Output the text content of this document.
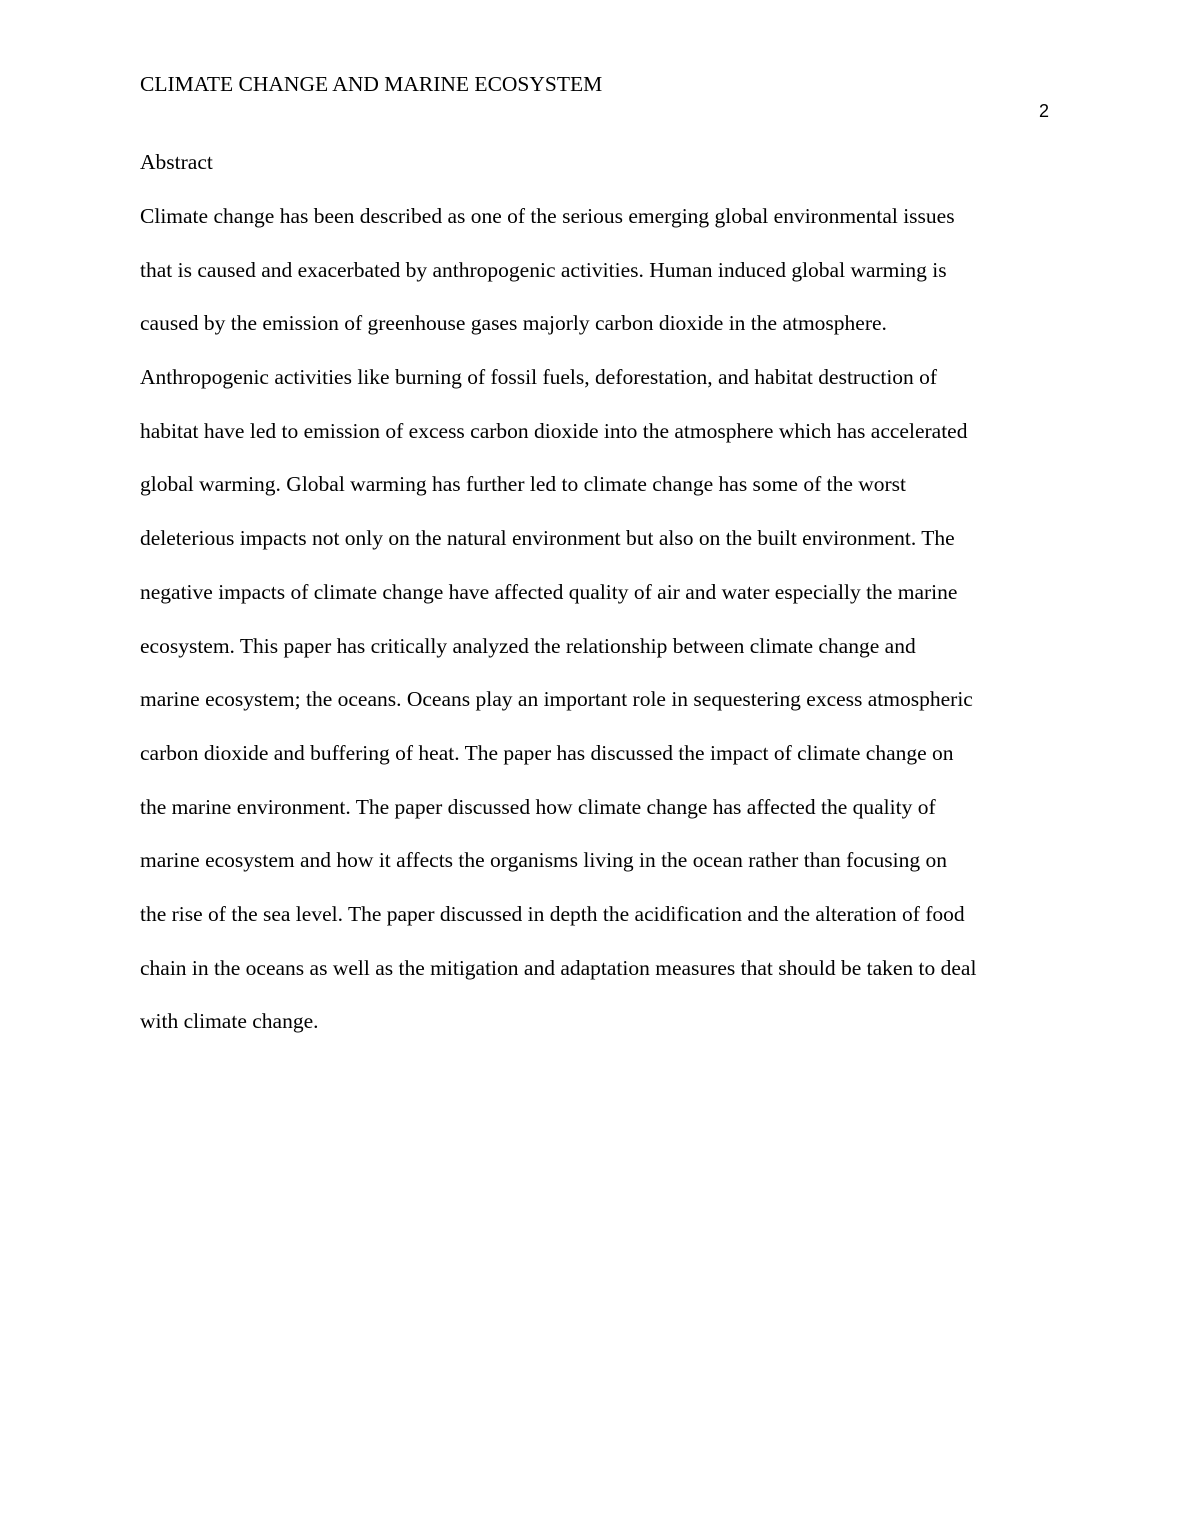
CLIMATE CHANGE AND MARINE ECOSYSTEM
2
Abstract
Climate change has been described as one of the serious emerging global environmental issues
that is caused and exacerbated by anthropogenic activities. Human induced global warming is
caused by the emission of greenhouse gases majorly carbon dioxide in the atmosphere.
Anthropogenic activities like burning of fossil fuels, deforestation, and habitat destruction of
habitat have led to emission of excess carbon dioxide into the atmosphere which has accelerated
global warming. Global warming has further led to climate change has some of the worst
deleterious impacts not only on the natural environment but also on the built environment. The
negative impacts of climate change have affected quality of air and water especially the marine
ecosystem. This paper has critically analyzed the relationship between climate change and
marine ecosystem; the oceans. Oceans play an important role in sequestering excess atmospheric
carbon dioxide and buffering of heat. The paper has discussed the impact of climate change on
the marine environment. The paper discussed how climate change has affected the quality of
marine ecosystem and how it affects the organisms living in the ocean rather than focusing on
the rise of the sea level. The paper discussed in depth the acidification and the alteration of food
chain in the oceans as well as the mitigation and adaptation measures that should be taken to deal
with climate change.
